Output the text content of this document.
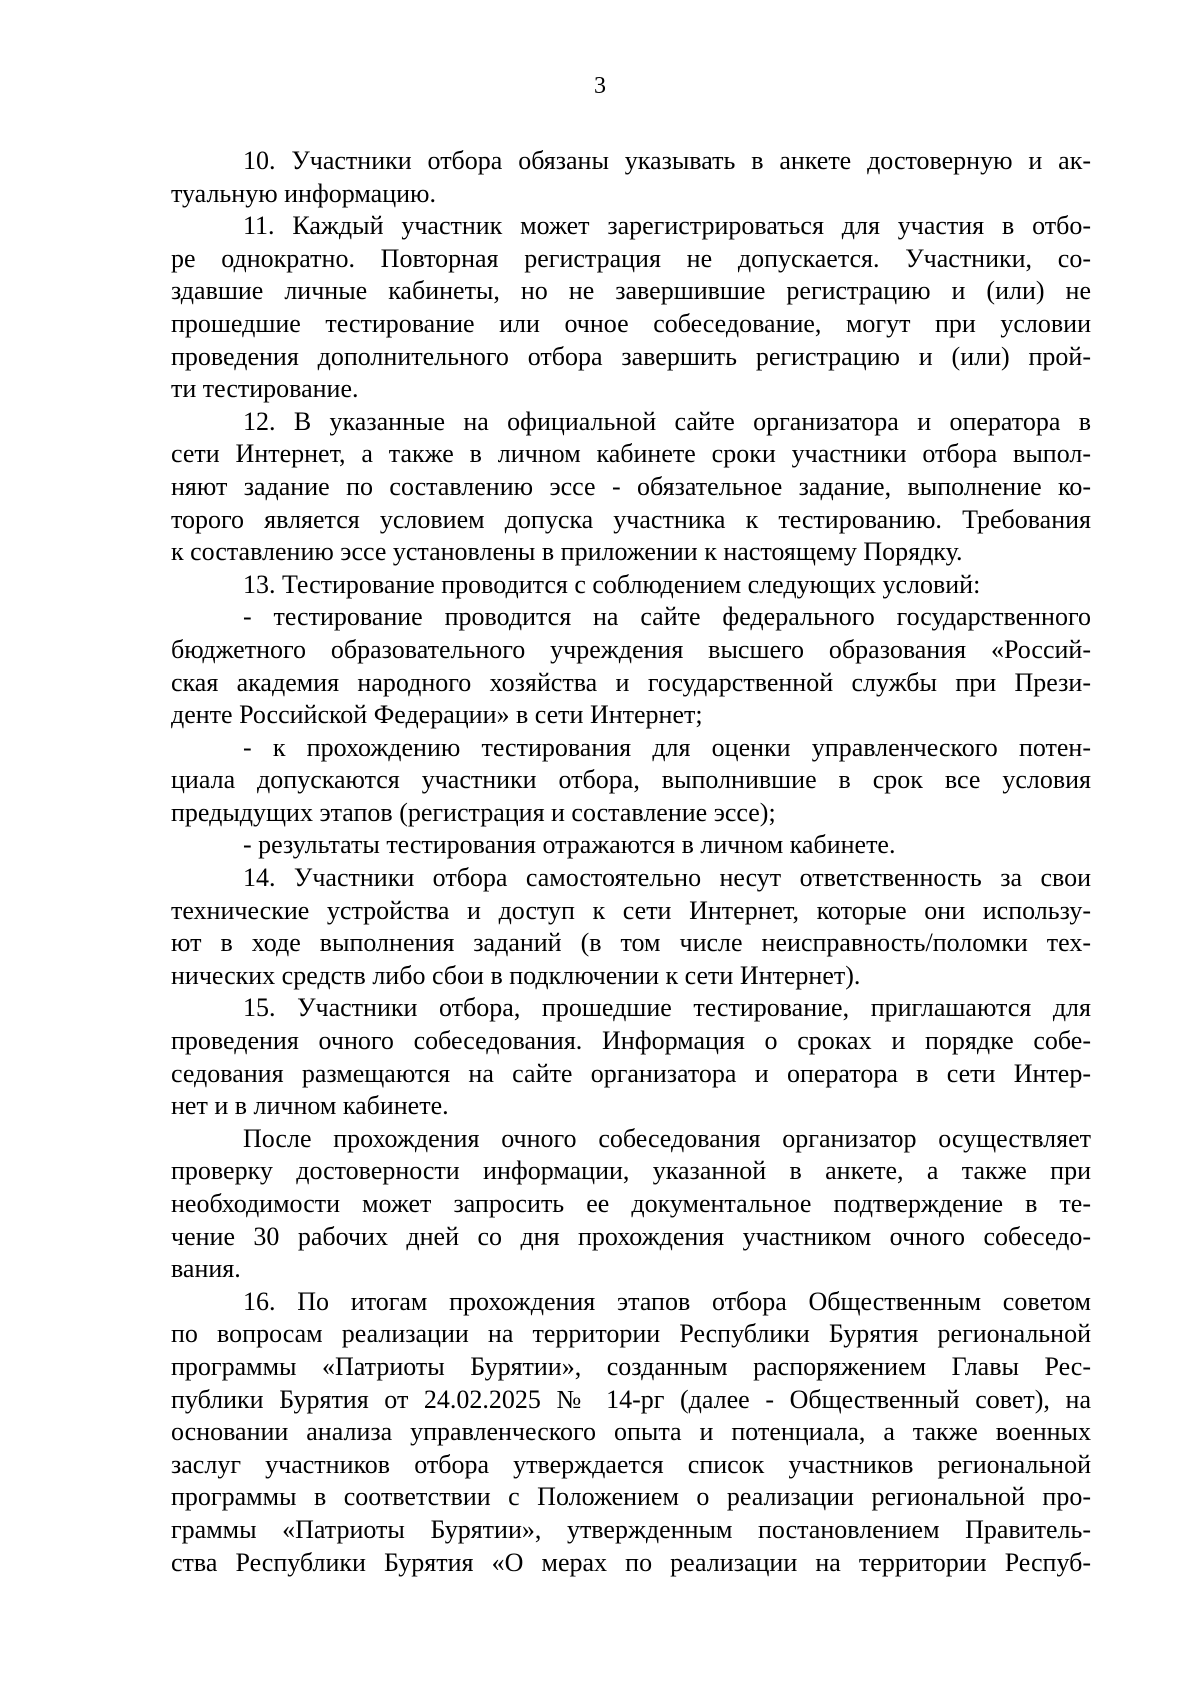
3
10. Участники отбора обязаны указывать в анкете достоверную и ак-
туальную информацию.
11. Каждый участник может зарегистрироваться для участия в отбо-
ре однократно. Повторная регистрация не допускается. Участники, со-
здавшие личные кабинеты, но не завершившие регистрацию и (или) не
прошедшие тестирование или очное собеседование, могут при условии
проведения дополнительного отбора завершить регистрацию и (или) прой-
ти тестирование.
12. В указанные на официальной сайте организатора и оператора в
сети Интернет, а также в личном кабинете сроки участники отбора выпол-
няют задание по составлению эссе - обязательное задание, выполнение ко-
торого является условием допуска участника к тестированию. Требования
к составлению эссе установлены в приложении к настоящему Порядку.
13. Тестирование проводится с соблюдением следующих условий:
- тестирование проводится на сайте федерального государственного
бюджетного образовательного учреждения высшего образования «Россий-
ская академия народного хозяйства и государственной службы при Прези-
денте Российской Федерации» в сети Интернет;
- к прохождению тестирования для оценки управленческого потен-
циала допускаются участники отбора, выполнившие в срок все условия
предыдущих этапов (регистрация и составление эссе);
- результаты тестирования отражаются в личном кабинете.
14. Участники отбора самостоятельно несут ответственность за свои
технические устройства и доступ к сети Интернет, которые они использу-
ют в ходе выполнения заданий (в том числе неисправность/поломки тех-
нических средств либо сбои в подключении к сети Интернет).
15. Участники отбора, прошедшие тестирование, приглашаются для
проведения очного собеседования. Информация о сроках и порядке собе-
седования размещаются на сайте организатора и оператора в сети Интер-
нет и в личном кабинете.
После прохождения очного собеседования организатор осуществляет
проверку достоверности информации, указанной в анкете, а также при
необходимости может запросить ее документальное подтверждение в те-
чение 30 рабочих дней со дня прохождения участником очного собеседо-
вания.
16. По итогам прохождения этапов отбора Общественным советом
по вопросам реализации на территории Республики Бурятия региональной
программы «Патриоты Бурятии», созданным распоряжением Главы Рес-
публики Бурятия от 24.02.2025 № 14-рг (далее - Общественный совет), на
основании анализа управленческого опыта и потенциала, а также военных
заслуг участников отбора утверждается список участников региональной
программы в соответствии с Положением о реализации региональной про-
граммы «Патриоты Бурятии», утвержденным постановлением Правитель-
ства Республики Бурятия «О мерах по реализации на территории Респуб-
